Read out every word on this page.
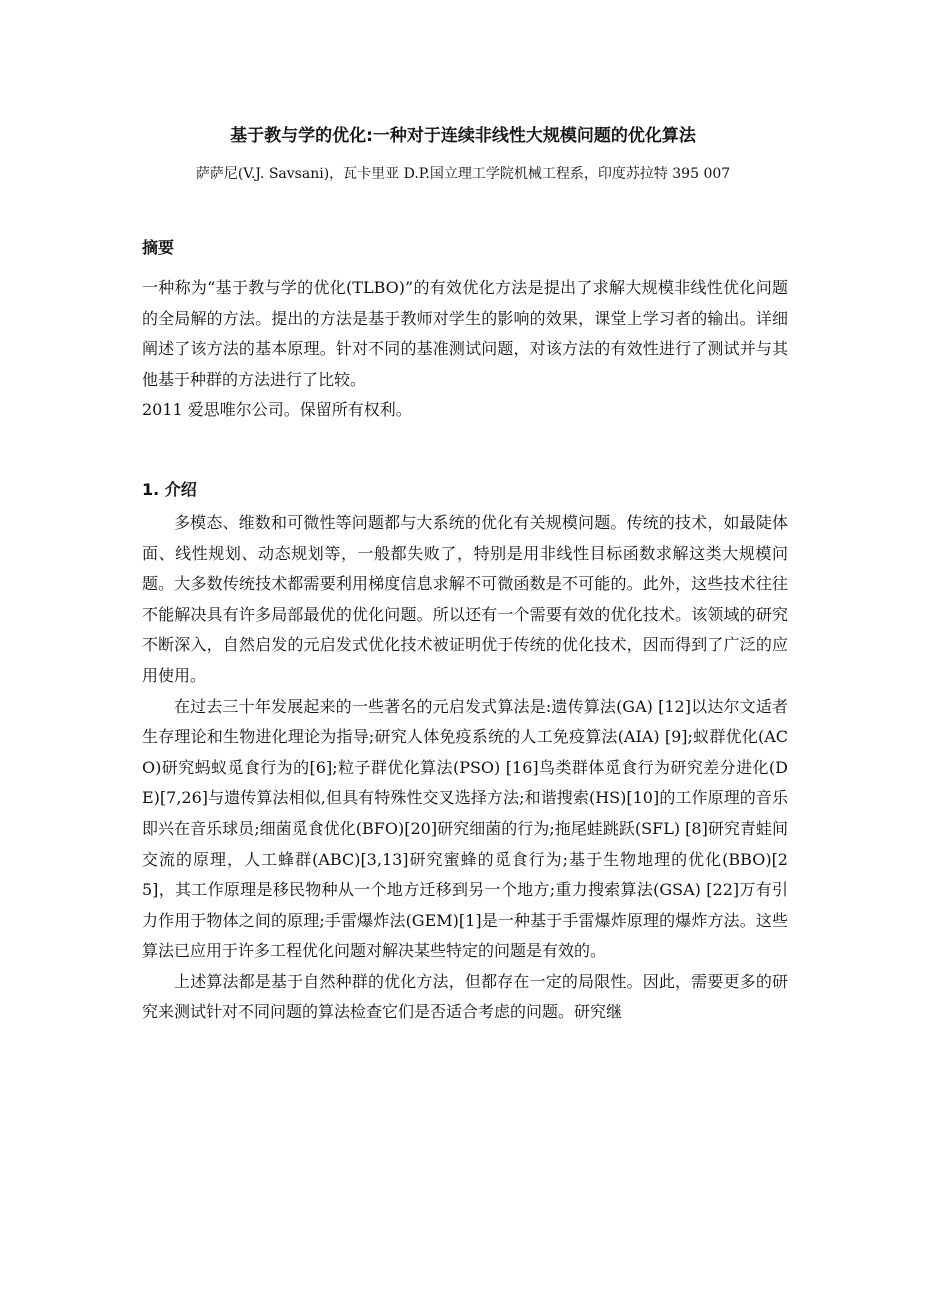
基于教与学的优化:一种对于连续非线性大规模问题的优化算法
萨萨尼(V.J. Savsani)，瓦卡里亚 D.P.国立理工学院机械工程系，印度苏拉特 395 007
摘要

一种称为“基于教与学的优化(TLBO)”的有效优化方法是提出了求解大规模非线性优化问题的全局解的方法。提出的方法是基于教师对学生的影响的效果，课堂上学习者的输出。详细阐述了该方法的基本原理。针对不同的基准测试问题，对该方法的有效性进行了测试并与其他基于种群的方法进行了比较。

2011 爱思唯尔公司。保留所有权利。

1. 介绍

多模态、维数和可微性等问题都与大系统的优化有关规模问题。传统的技术，如最陡体面、线性规划、动态规划等，一般都失败了，特别是用非线性目标函数求解这类大规模问题。大多数传统技术都需要利用梯度信息求解不可微函数是不可能的。此外，这些技术往往不能解决具有许多局部最优的优化问题。所以还有一个需要有效的优化技术。该领域的研究不断深入，自然启发的元启发式优化技术被证明优于传统的优化技术，因而得到了广泛的应用使用。

在过去三十年发展起来的一些著名的元启发式算法是:遗传算法(GA) [12]以达尔文适者生存理论和生物进化理论为指导;研究人体免疫系统的人工免疫算法(AIA) [9];蚁群优化(ACO)研究蚂蚁觅食行为的[6];粒子群优化算法(PSO) [16]鸟类群体觅食行为研究差分进化(DE)[7,26]与遗传算法相似,但具有特殊性交叉选择方法;和谐搜索(HS)[10]的工作原理的音乐即兴在音乐球员;细菌觅食优化(BFO)[20]研究细菌的行为;拖尾蛙跳跃(SFL) [8]研究青蛙间交流的原理，人工蜂群(ABC)[3,13]研究蜜蜂的觅食行为;基于生物地理的优化(BBO)[25]，其工作原理是移民物种从一个地方迁移到另一个地方;重力搜索算法(GSA) [22]万有引力作用于物体之间的原理;手雷爆炸法(GEM)[1]是一种基于手雷爆炸原理的爆炸方法。这些算法已应用于许多工程优化问题对解决某些特定的问题是有效的。

上述算法都是基于自然种群的优化方法，但都存在一定的局限性。因此，需要更多的研究来测试针对不同问题的算法检查它们是否适合考虑的问题。研究继
